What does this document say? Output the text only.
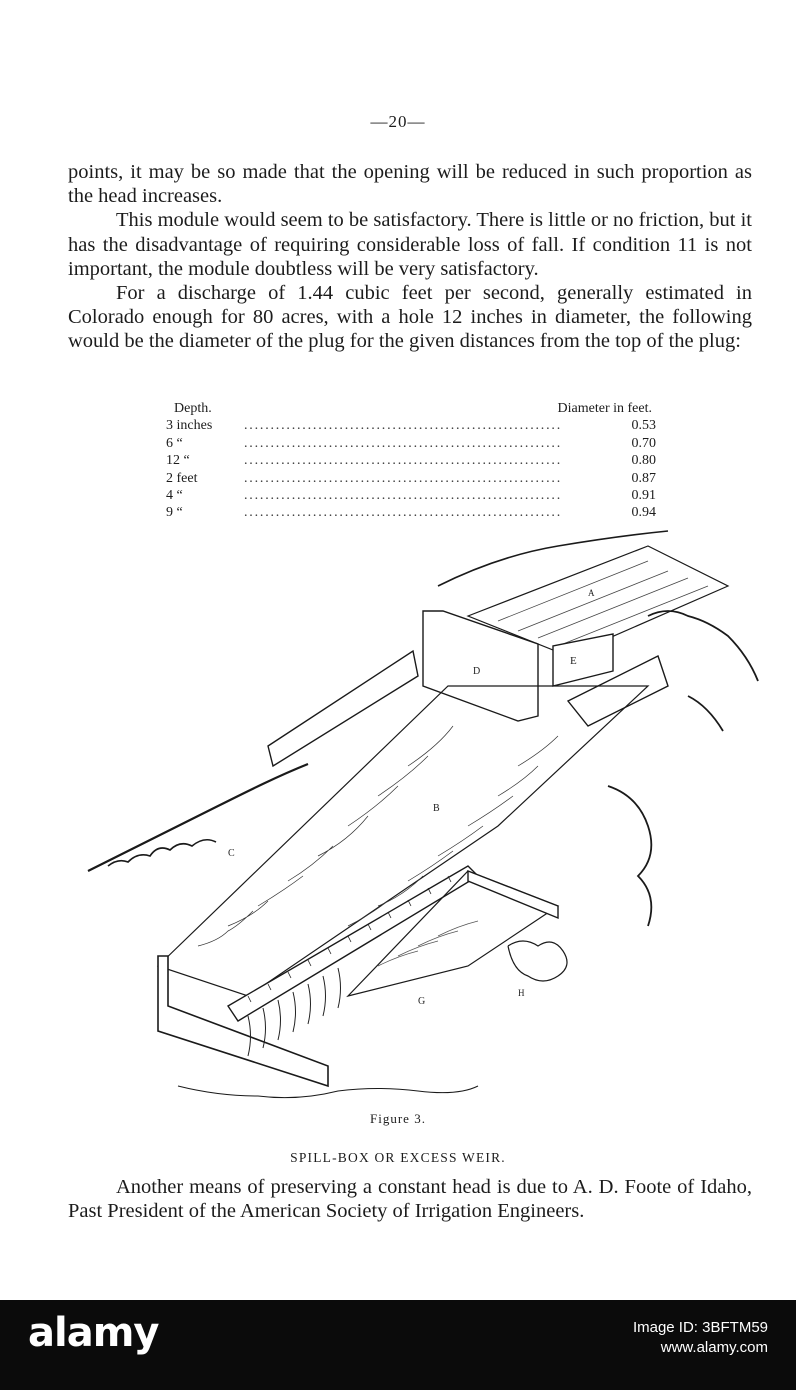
—20—
points, it may be so made that the opening will be reduced in such proportion as the head increases.
This module would seem to be satisfactory. There is little or no friction, but it has the disadvantage of requiring considerable loss of fall. If condition 11 is not important, the module doubtless will be very satisfactory.
For a discharge of 1.44 cubic feet per second, generally estimated in Colorado enough for 80 acres, with a hole 12 inches in diameter, the following would be the diameter of the plug for the given distances from the top of the plug:
Depth.	Diameter in feet.
3 inches	............................................................	0.53
6 “	............................................................	0.70
12 “	............................................................	0.80
2 feet	............................................................	0.87
4 “	............................................................	0.91
9 “	............................................................	0.94
D
E
A
B
C
G
H
Figure 3.
SPILL-BOX OR EXCESS WEIR.
Another means of preserving a constant head is due to A. D. Foote of Idaho, Past President of the American Society of Irrigation Engineers.
alamy	Image ID: 3BFTM59
www.alamy.com
